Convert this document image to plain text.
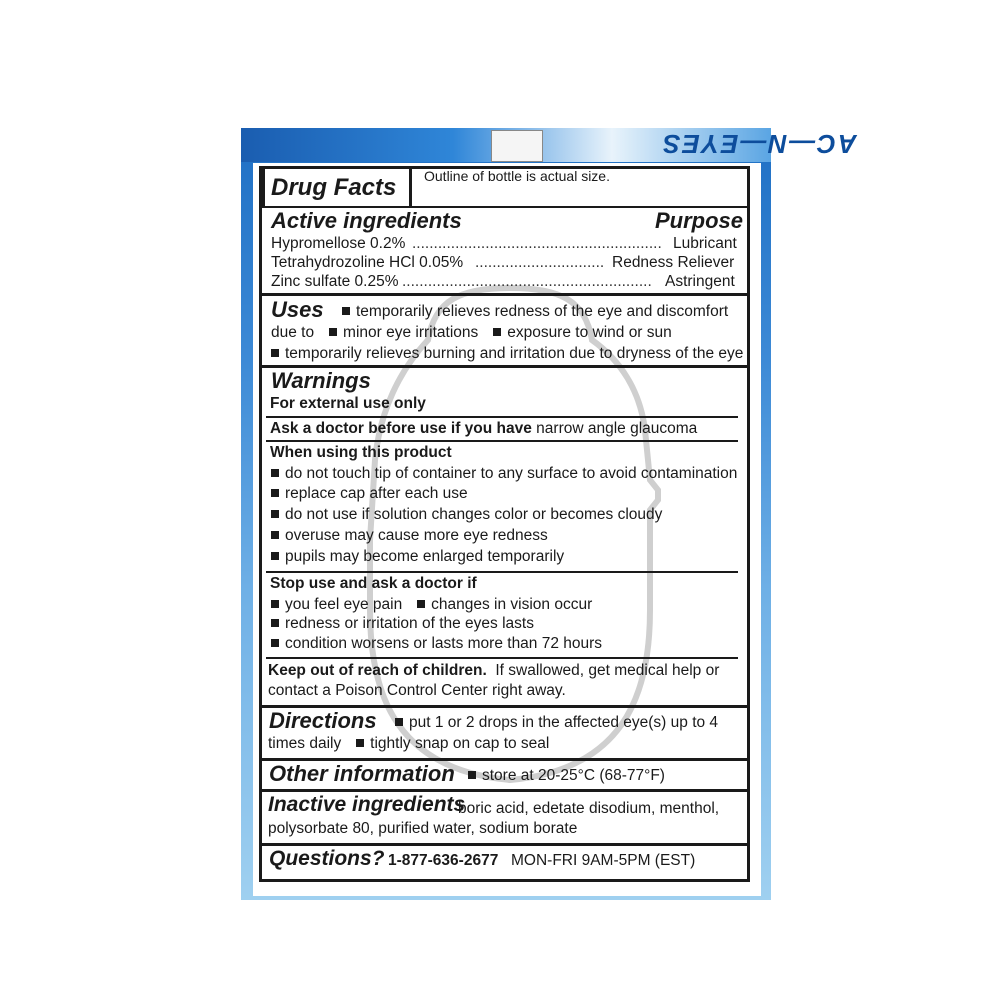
AC—N—EYES
Drug Facts Outline of bottle is actual size.
Active ingredients	Purpose
Hypromellose 0.2% .......................................................... Lubricant
Tetrahydrozoline HCl 0.05% .............................. Redness Reliever
Zinc sulfate 0.25% .......................................................... Astringent
Uses	temporarily relieves redness of the eye and discomfort
due to minor eye irritations exposure to wind or sun
temporarily relieves burning and irritation due to dryness of the eye
Warnings
For external use only
Ask a doctor before use if you have narrow angle glaucoma
When using this product
do not touch tip of container to any surface to avoid contamination
replace cap after each use
do not use if solution changes color or becomes cloudy
overuse may cause more eye redness
pupils may become enlarged temporarily
Stop use and ask a doctor if
you feel eye pain changes in vision occur
redness or irritation of the eyes lasts
condition worsens or lasts more than 72 hours
Keep out of reach of children. If swallowed, get medical help or
contact a Poison Control Center right away.
Directions	put 1 or 2 drops in the affected eye(s) up to 4
times daily tightly snap on cap to seal
Other information	store at 20-25°C (68-77°F)
Inactive ingredients
boric acid, edetate disodium, menthol,
polysorbate 80, purified water, sodium borate
Questions? 1-877-636-2677 MON-FRI 9AM-5PM (EST)
